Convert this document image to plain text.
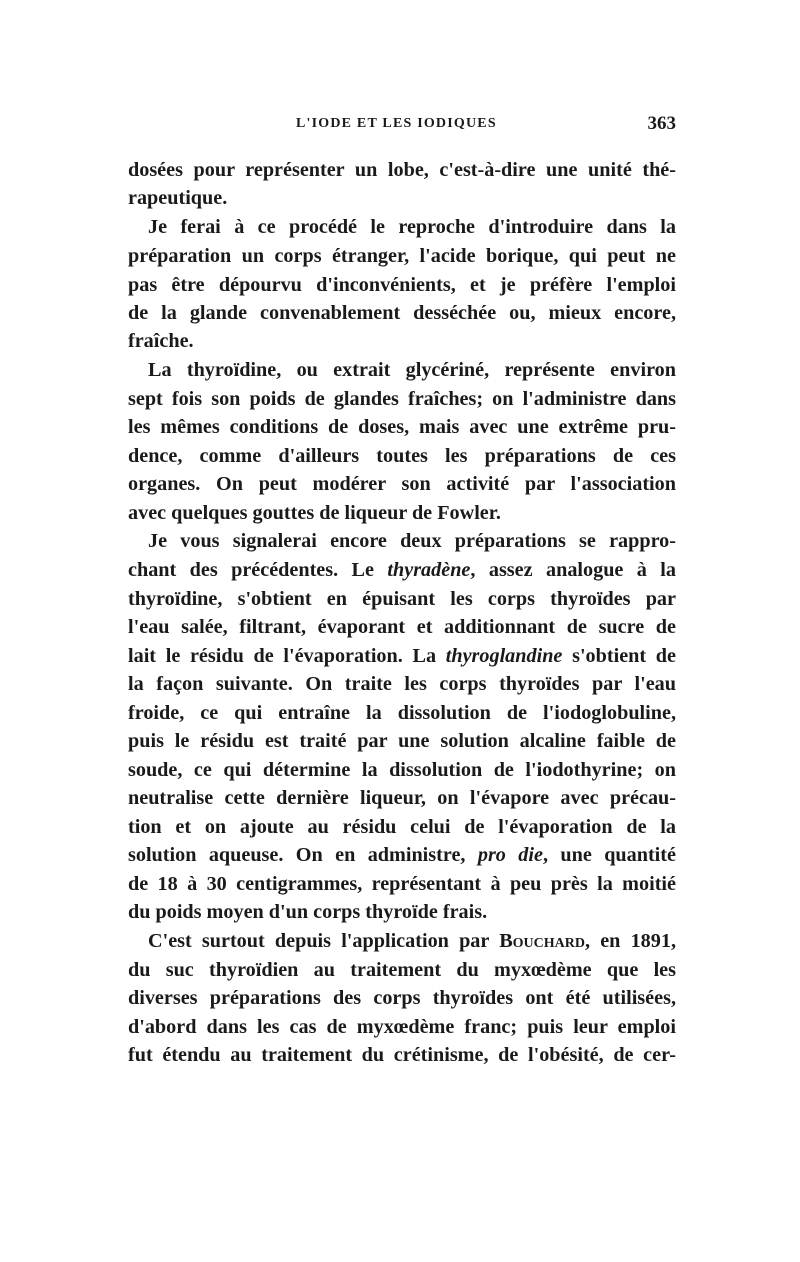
L'IODE ET LES IODIQUES	363
dosées pour représenter un lobe, c'est-à-dire une unité thé-
rapeutique.
Je ferai à ce procédé le reproche d'introduire dans la
préparation un corps étranger, l'acide borique, qui peut ne
pas être dépourvu d'inconvénients, et je préfère l'emploi
de la glande convenablement desséchée ou, mieux encore,
fraîche.
La thyroïdine, ou extrait glycériné, représente environ
sept fois son poids de glandes fraîches; on l'administre dans
les mêmes conditions de doses, mais avec une extrême pru-
dence, comme d'ailleurs toutes les préparations de ces
organes. On peut modérer son activité par l'association
avec quelques gouttes de liqueur de Fowler.
Je vous signalerai encore deux préparations se rappro-
chant des précédentes. Le thyradène, assez analogue à la
thyroïdine, s'obtient en épuisant les corps thyroïdes par
l'eau salée, filtrant, évaporant et additionnant de sucre de
lait le résidu de l'évaporation. La thyroglandine s'obtient de
la façon suivante. On traite les corps thyroïdes par l'eau
froide, ce qui entraîne la dissolution de l'iodoglobuline,
puis le résidu est traité par une solution alcaline faible de
soude, ce qui détermine la dissolution de l'iodothyrine; on
neutralise cette dernière liqueur, on l'évapore avec précau-
tion et on ajoute au résidu celui de l'évaporation de la
solution aqueuse. On en administre, pro die, une quantité
de 18 à 30 centigrammes, représentant à peu près la moitié
du poids moyen d'un corps thyroïde frais.
C'est surtout depuis l'application par Bouchard, en 1891,
du suc thyroïdien au traitement du myxœdème que les
diverses préparations des corps thyroïdes ont été utilisées,
d'abord dans les cas de myxœdème franc; puis leur emploi
fut étendu au traitement du crétinisme, de l'obésité, de cer-
